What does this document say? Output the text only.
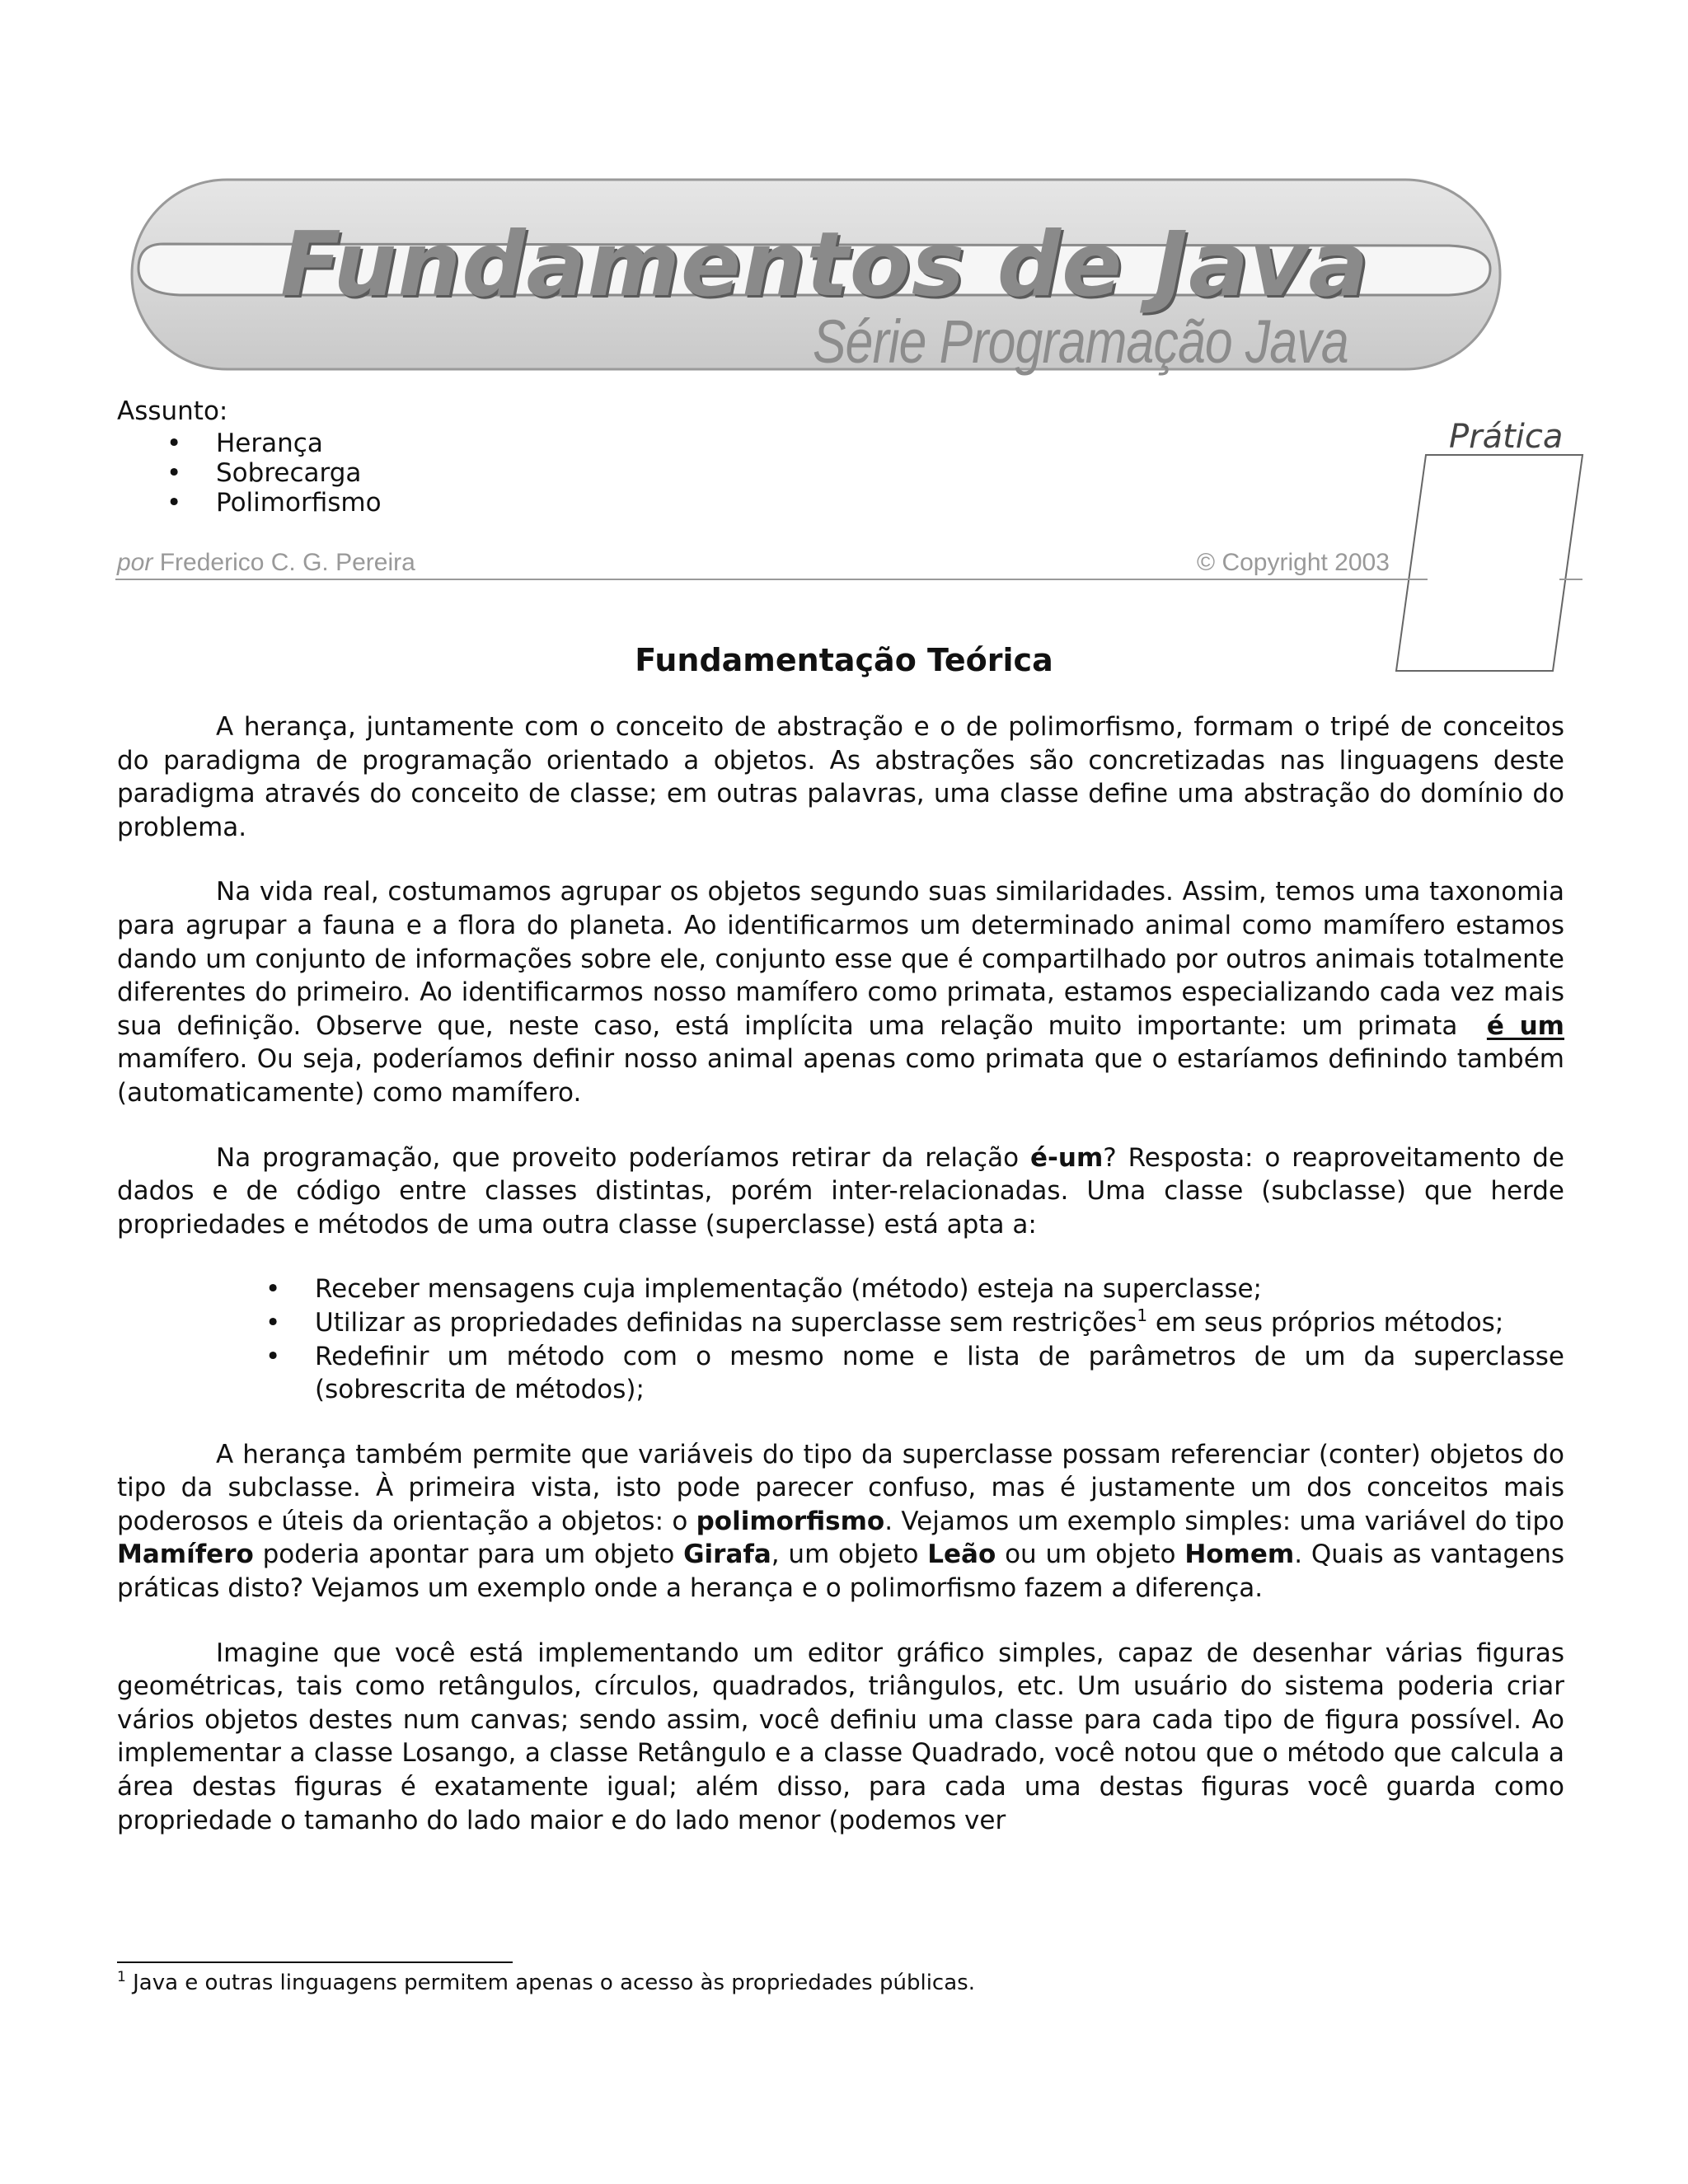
Fundamentos de Java
Série Programação Java
Assunto:
• Herança
• Sobrecarga
• Polimorfismo
Prática
por Frederico C. G. Pereira	© Copyright 2003
Fundamentação Teórica

A herança, juntamente com o conceito de abstração e o de polimorfismo, formam o tripé de conceitos do paradigma de programação orientado a objetos. As abstrações são concretizadas nas linguagens deste paradigma através do conceito de classe; em outras palavras, uma classe define uma abstração do domínio do problema.

Na vida real, costumamos agrupar os objetos segundo suas similaridades. Assim, temos uma taxonomia para agrupar a fauna e a flora do planeta. Ao identificarmos um determinado animal como mamífero estamos dando um conjunto de informações sobre ele, conjunto esse que é compartilhado por outros animais totalmente diferentes do primeiro. Ao identificarmos nosso mamífero como primata, estamos especializando cada vez mais sua definição. Observe que, neste caso, está implícita uma relação muito importante: um primata é um mamífero. Ou seja, poderíamos definir nosso animal apenas como primata que o estaríamos definindo também (automaticamente) como mamífero.

Na programação, que proveito poderíamos retirar da relação é-um? Resposta: o reaproveitamento de dados e de código entre classes distintas, porém inter-relacionadas. Uma classe (subclasse) que herde propriedades e métodos de uma outra classe (superclasse) está apta a:

• Receber mensagens cuja implementação (método) esteja na superclasse;
• Utilizar as propriedades definidas na superclasse sem restrições$^1$ em seus próprios métodos;
• Redefinir um método com o mesmo nome e lista de parâmetros de um da superclasse (sobrescrita de métodos);

A herança também permite que variáveis do tipo da superclasse possam referenciar (conter) objetos do tipo da subclasse. À primeira vista, isto pode parecer confuso, mas é justamente um dos conceitos mais poderosos e úteis da orientação a objetos: o polimorfismo. Vejamos um exemplo simples: uma variável do tipo Mamífero poderia apontar para um objeto Girafa, um objeto Leão ou um objeto Homem. Quais as vantagens práticas disto? Vejamos um exemplo onde a herança e o polimorfismo fazem a diferença.

Imagine que você está implementando um editor gráfico simples, capaz de desenhar várias figuras geométricas, tais como retângulos, círculos, quadrados, triângulos, etc. Um usuário do sistema poderia criar vários objetos destes num canvas; sendo assim, você definiu uma classe para cada tipo de figura possível. Ao implementar a classe Losango, a classe Retângulo e a classe Quadrado, você notou que o método que calcula a área destas figuras é exatamente igual; além disso, para cada uma destas figuras você guarda como propriedade o tamanho do lado maior e do lado menor (podemos ver

$^1$ Java e outras linguagens permitem apenas o acesso às propriedades públicas.
